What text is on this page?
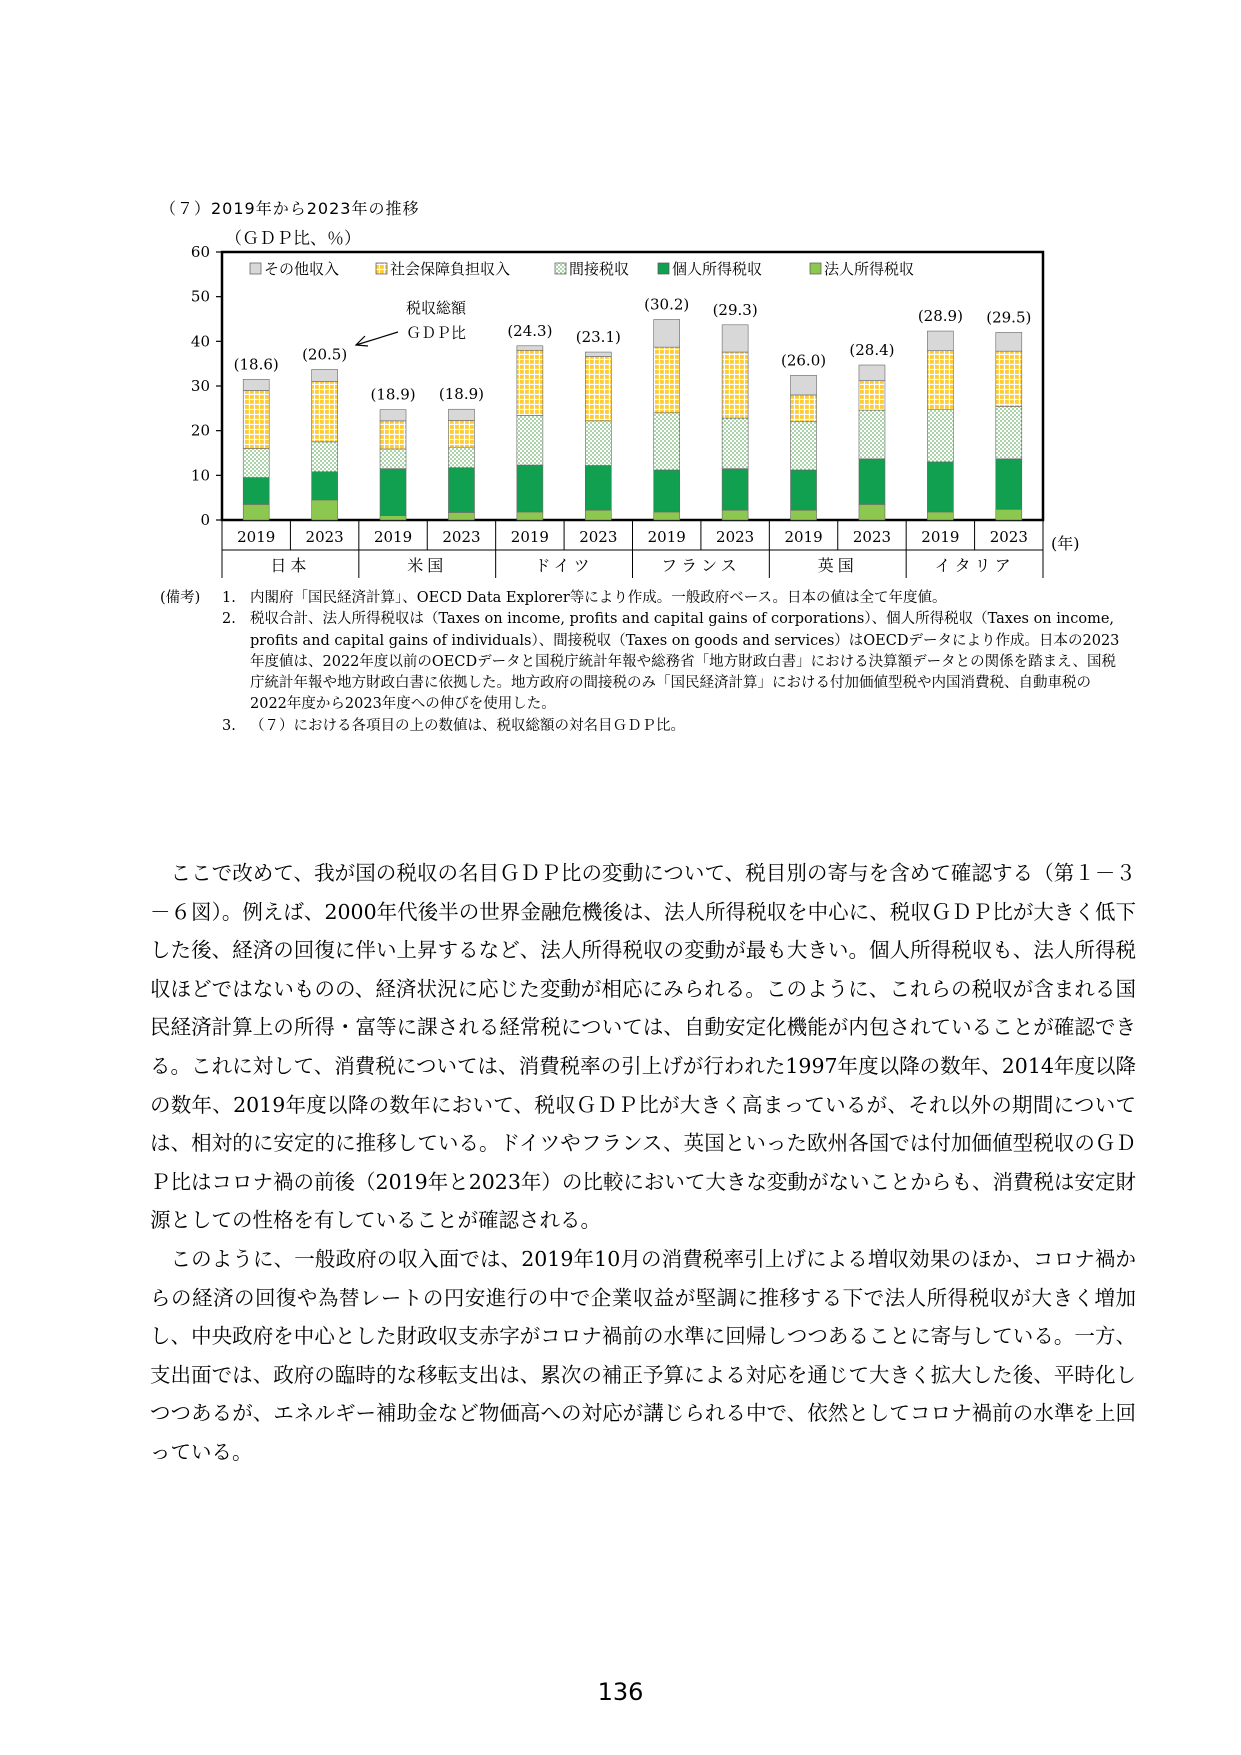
（７）2019年から2023年の推移
（ＧＤＰ比、％）
(年)
0
10
20
30
40
50
60
2019 2023 2019 2023 2019 2023 2019 2023 2019 2023 2019 2023
日本	米国	ドイツ	フランス	英国	イタリア
その他収入	社会保障負担収入	間接税収	個人所得税収	法人所得税収
(18.6)
(20.5)
(18.9) (18.9)
(24.3) (23.1)
(30.2) (29.3)
(26.0)
(28.4)
(28.9) (29.5)
税収総額
ＧＤＰ比
(備考)	1. 内閣府「国民経済計算」、OECD Data Explorer等により作成。一般政府ベース。日本の値は全て年度値。
2. 税収合計、法人所得税収は（Taxes on income, profits and capital gains of corporations）、個人所得税収（Taxes on income, profits and capital gains of individuals）、間接税収（Taxes on goods and services）はOECDデータにより作成。日本の2023年度値は、2022年度以前のOECDデータと国税庁統計年報や総務省「地方財政白書」における決算額データとの関係を踏まえ、国税庁統計年報や地方財政白書に依拠した。地方政府の間接税のみ「国民経済計算」における付加価値型税や内国消費税、自動車税の2022年度から2023年度への伸びを使用した。
3. （７）における各項目の上の数値は、税収総額の対名目ＧＤＰ比。

ここで改めて、我が国の税収の名目ＧＤＰ比の変動について、税目別の寄与を含めて確認する（第１－３－６図）。例えば、2000年代後半の世界金融危機後は、法人所得税収を中心に、税収ＧＤＰ比が大きく低下した後、経済の回復に伴い上昇するなど、法人所得税収の変動が最も大きい。個人所得税収も、法人所得税収ほどではないものの、経済状況に応じた変動が相応にみられる。このように、これらの税収が含まれる国民経済計算上の所得・富等に課される経常税については、自動安定化機能が内包されていることが確認できる。これに対して、消費税については、消費税率の引上げが行われた1997年度以降の数年、2014年度以降の数年、2019年度以降の数年において、税収ＧＤＰ比が大きく高まっているが、それ以外の期間については、相対的に安定的に推移している。ドイツやフランス、英国といった欧州各国では付加価値型税収のＧＤＰ比はコロナ禍の前後（2019年と2023年）の比較において大きな変動がないことからも、消費税は安定財源としての性格を有していることが確認される。

このように、一般政府の収入面では、2019年10月の消費税率引上げによる増収効果のほか、コロナ禍からの経済の回復や為替レートの円安進行の中で企業収益が堅調に推移する下で法人所得税収が大きく増加し、中央政府を中心とした財政収支赤字がコロナ禍前の水準に回帰しつつあることに寄与している。一方、支出面では、政府の臨時的な移転支出は、累次の補正予算による対応を通じて大きく拡大した後、平時化しつつあるが、エネルギー補助金など物価高への対応が講じられる中で、依然としてコロナ禍前の水準を上回っている。

136
